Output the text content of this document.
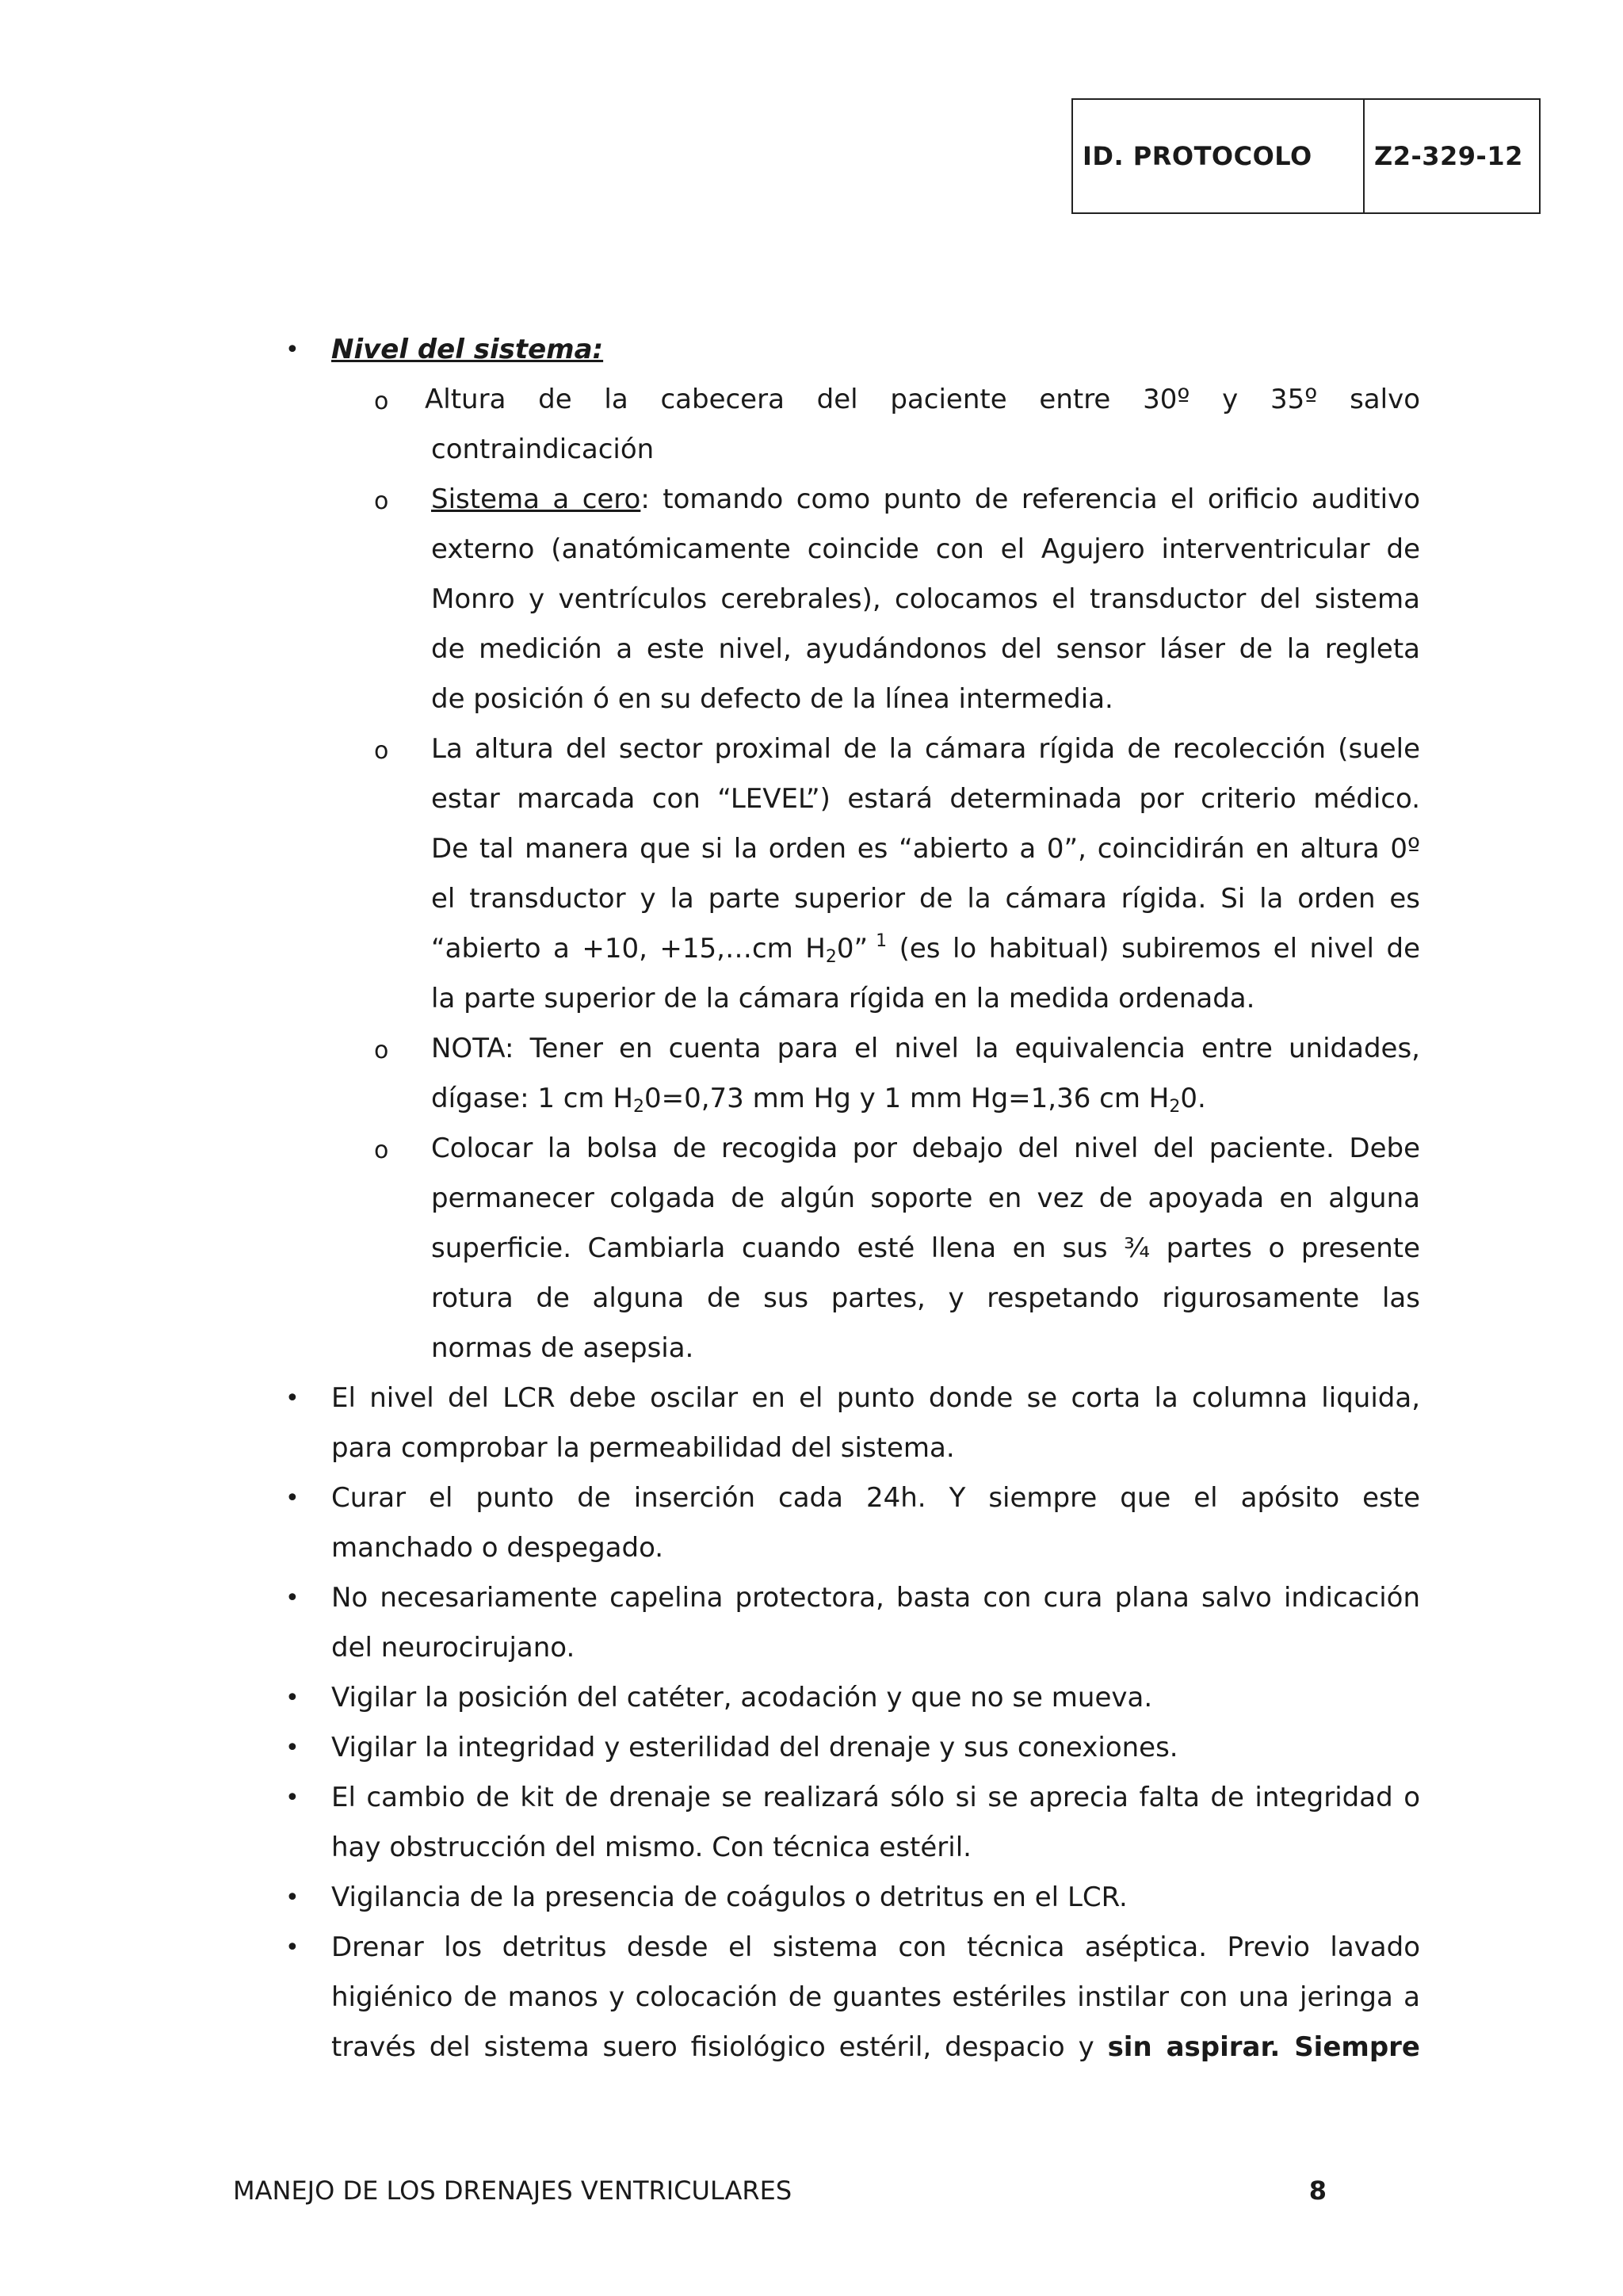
ID. PROTOCOLO	Z2-329-12
• Nivel del sistema:
o Altura de la cabecera del paciente entre 30º y 35º salvo
contraindicación
o Sistema a cero: tomando como punto de referencia el orificio auditivo
externo (anatómicamente coincide con el Agujero interventricular de
Monro y ventrículos cerebrales), colocamos el transductor del sistema
de medición a este nivel, ayudándonos del sensor láser de la regleta
de posición ó en su defecto de la línea intermedia.
o La altura del sector proximal de la cámara rígida de recolección (suele
estar marcada con “LEVEL”) estará determinada por criterio médico.
De tal manera que si la orden es “abierto a 0”, coincidirán en altura 0º
el transductor y la parte superior de la cámara rígida. Si la orden es
“abierto a +10, +15,…cm $H_20$” $^1$ (es lo habitual) subiremos el nivel de
la parte superior de la cámara rígida en la medida ordenada.
o NOTA: Tener en cuenta para el nivel la equivalencia entre unidades,
dígase: 1 cm $H_20=0,73$ mm Hg y 1 mm Hg=1,36 cm $H_20$.
o Colocar la bolsa de recogida por debajo del nivel del paciente. Debe
permanecer colgada de algún soporte en vez de apoyada en alguna
superficie. Cambiarla cuando esté llena en sus ¾ partes o presente
rotura de alguna de sus partes, y respetando rigurosamente las
normas de asepsia.
• El nivel del LCR debe oscilar en el punto donde se corta la columna liquida,
para comprobar la permeabilidad del sistema.
• Curar el punto de inserción cada 24h. Y siempre que el apósito este
manchado o despegado.
• No necesariamente capelina protectora, basta con cura plana salvo indicación
del neurocirujano.
• Vigilar la posición del catéter, acodación y que no se mueva.
• Vigilar la integridad y esterilidad del drenaje y sus conexiones.
• El cambio de kit de drenaje se realizará sólo si se aprecia falta de integridad o
hay obstrucción del mismo. Con técnica estéril.
• Vigilancia de la presencia de coágulos o detritus en el LCR.
• Drenar los detritus desde el sistema con técnica aséptica. Previo lavado
higiénico de manos y colocación de guantes estériles instilar con una jeringa a
través del sistema suero fisiológico estéril, despacio y sin aspirar. Siempre
MANEJO DE LOS DRENAJES VENTRICULARES	8
